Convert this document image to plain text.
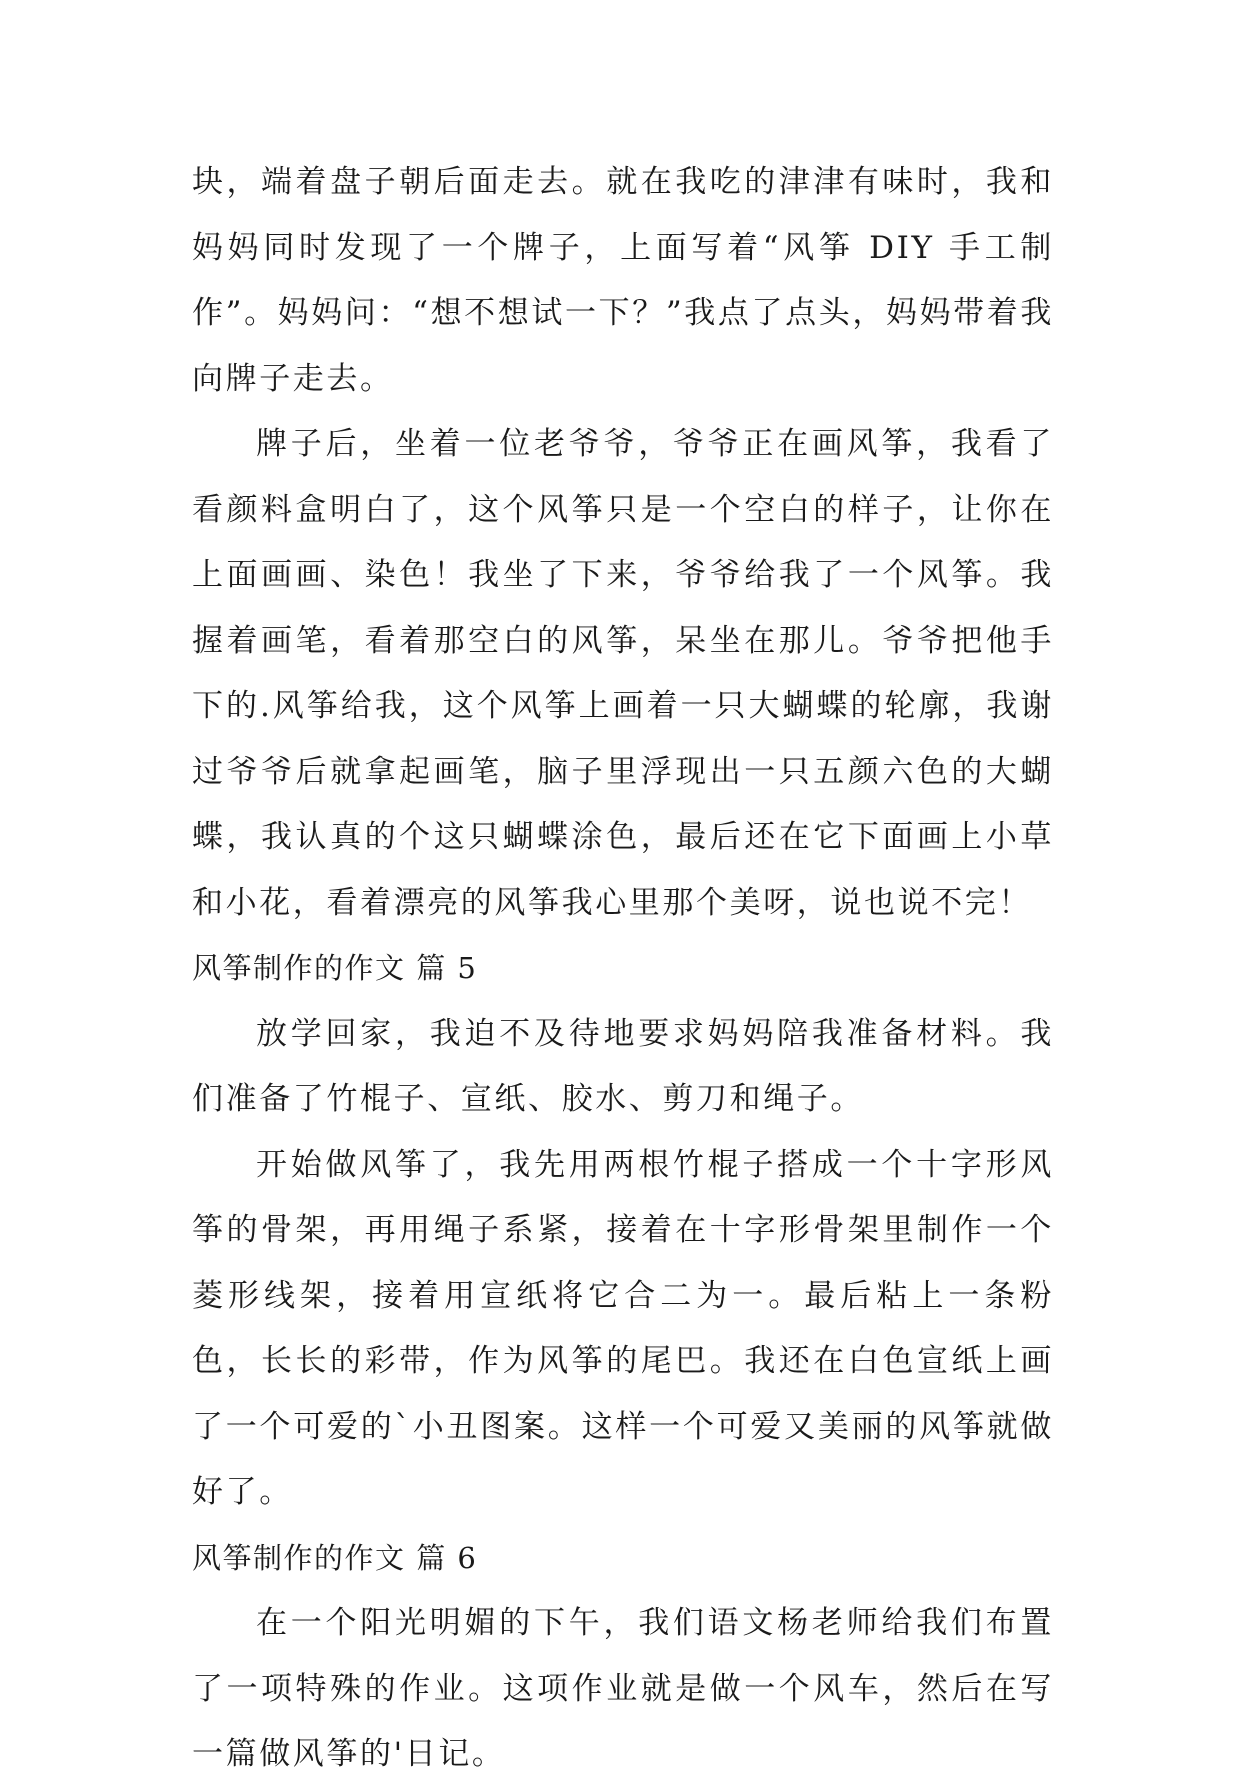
块，端着盘子朝后面走去。就在我吃的津津有味时，我和妈妈同时发现了一个牌子，上面写着“风筝 DIY 手工制作”。妈妈问：“想不想试一下？”我点了点头，妈妈带着我向牌子走去。

牌子后，坐着一位老爷爷，爷爷正在画风筝，我看了看颜料盒明白了，这个风筝只是一个空白的样子，让你在上面画画、染色！我坐了下来，爷爷给我了一个风筝。我握着画笔，看着那空白的风筝，呆坐在那儿。爷爷把他手下的.风筝给我，这个风筝上画着一只大蝴蝶的轮廓，我谢过爷爷后就拿起画笔，脑子里浮现出一只五颜六色的大蝴蝶，我认真的个这只蝴蝶涂色，最后还在它下面画上小草和小花，看着漂亮的风筝我心里那个美呀，说也说不完！

风筝制作的作文 篇 5

放学回家，我迫不及待地要求妈妈陪我准备材料。我们准备了竹棍子、宣纸、胶水、剪刀和绳子。

开始做风筝了，我先用两根竹棍子搭成一个十字形风筝的骨架，再用绳子系紧，接着在十字形骨架里制作一个菱形线架，接着用宣纸将它合二为一。最后粘上一条粉色，长长的彩带，作为风筝的尾巴。我还在白色宣纸上画了一个可爱的`小丑图案。这样一个可爱又美丽的风筝就做好了。

风筝制作的作文 篇 6

在一个阳光明媚的下午，我们语文杨老师给我们布置了一项特殊的作业。这项作业就是做一个风车，然后在写一篇做风筝的'日记。
